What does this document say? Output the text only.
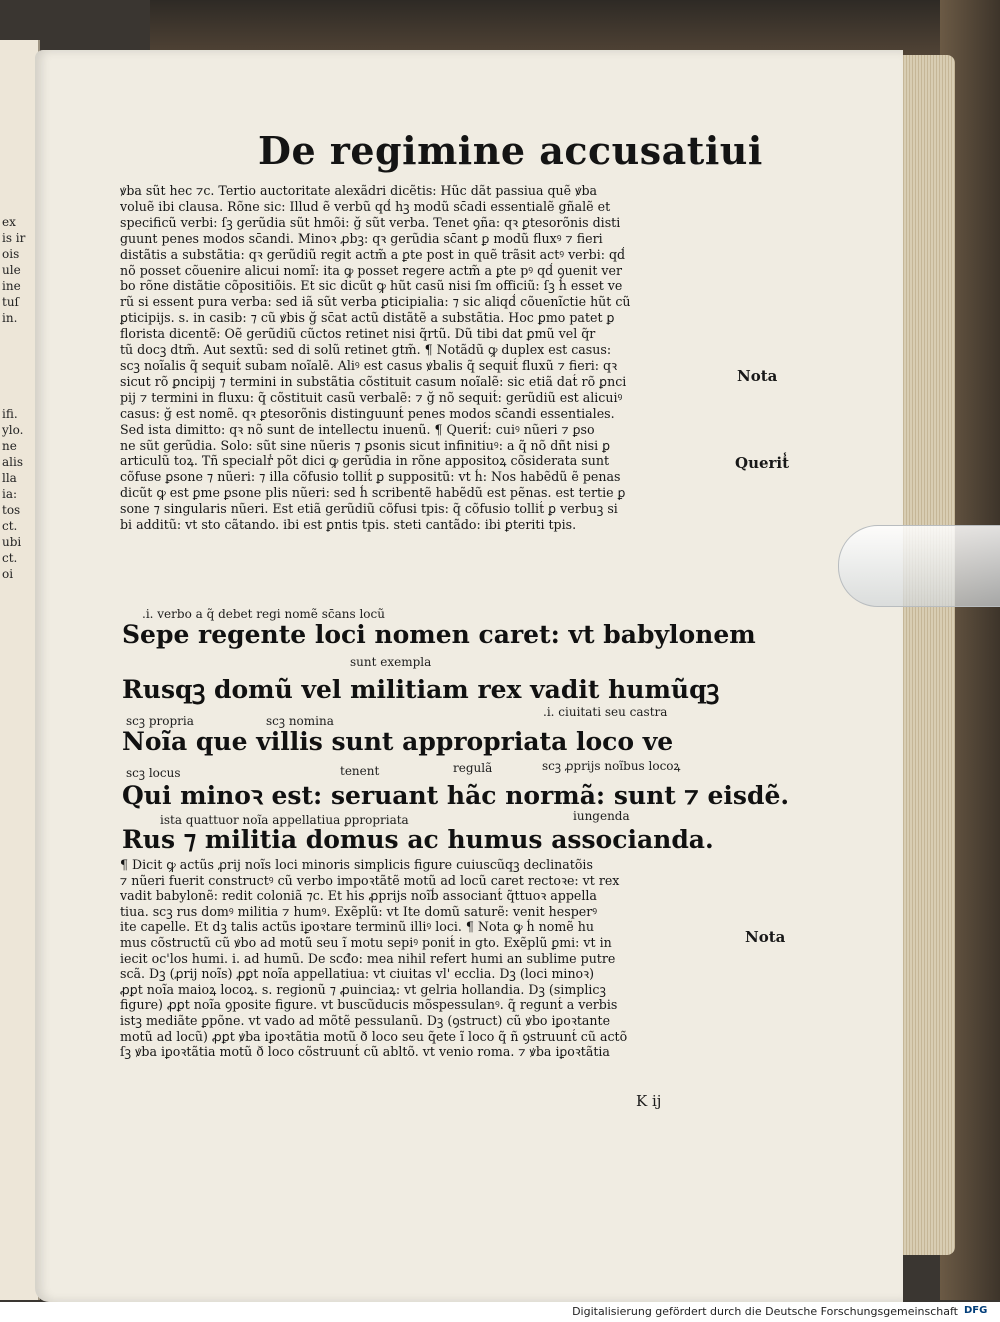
ex
is ir
ois
ule
ine
tuſ
in.
ifi.
ylo.
ne
alis
lla
ia:
tos
ct.
ubi
ct.
oi
De regimine accusatiui
ꝟba sũt hec ⁊c. Tertio auctoritate alexãdri dicẽtis: Hũc dãt passiua quẽ ꝟba
voluẽ ibi clausa. Rõne sic: Illud ẽ verbũ qd̾ hꝫ modũ sc̄adi essentialẽ gñalẽ et
specificũ verbi: ſꝫ gerũdia sũt hmõi: ğ sũt verba. Tenet ꝯña: qꝛ ꝑtesorõnis disti
guunt penes modos sc̄andi. Minoꝛ ꝓbꝫ: qꝛ gerũdia sc̄ant ꝑ modũ fluxꝰ ⁊ fieri
distãtis a substãtia: qꝛ gerũdiũ regit actm̃ a ꝑte post in quẽ trãsit actꝰ verbi: qd̾
nõ posset cõuenire alicui nomĩ: ita ꝙ posset regere actm̃ a ꝑte pꝰ qd̾ ꝯuenit ver
bo rõne distãtie cõpositiõis. Et sic dicũt ꝙ hũt casũ nisi ſm officiũ: ſꝫ h̾ esset ve
rũ si essent pura verba: sed iã sũt verba ꝑticipialia: ⁊ sic aliqd̾ cõuenĩctie hũt cũ
ꝑticipijs. s. in casib: ⁊ cũ ꝟbis ğ sc̄at actũ distãtẽ a substãtia. Hoc ꝑmo patet ꝑ
florista dicentẽ: Oẽ gerũdiũ cũctos retinet nisi q̃rtũ. Dũ tibi dat ꝑmũ vel q̃r
tũ docꝫ dtm̃. Aut sextũ: sed di solũ retinet gtm̃. ¶ Notãdũ ꝙ duplex est casus:
scꝫ noĩalis q̃ sequit̾ subam noĩalẽ. Aliꝰ est casus ꝟbalis q̃ sequit̾ fluxũ ⁊ fieri: qꝛ
sicut rõ ꝑncipij ⁊ termini in substãtia cõstituit casum noĩalẽ: sic etiã dat̾ rõ ꝑnci
pij ⁊ termini in fluxu: q̃ cõstituit casũ verbalẽ: ⁊ ğ nõ sequit̾: gerũdiũ est alicuiꝰ
casus: ğ est nomẽ. qꝛ ꝑtesorõnis distinguunt̾ penes modos sc̄andi essentiales.
Sed ista dimitto: qꝛ nõ sunt de intellectu inuenũ. ¶ Querit̾: cuiꝰ nũeri ⁊ ꝑso
ne sũt gerũdia. Solo: sũt sine nũeris ⁊ ꝑsonis sicut infinitiuꝰ: a q̃ nõ dñt nisi ꝑ
articulũ toꝝ. Tñ specialr̾ põt dici ꝙ gerũdia in rõne appositoꝝ cõsiderata sunt
cõfuse ꝑsone ⁊ nũeri: ⁊ illa cõfusio tollit̾ ꝑ suppositũ: vt h̾: Nos habẽdũ ẽ penas
dicũt ꝙ est ꝑme ꝑsone plis nũeri: sed h̾ scribentẽ habẽdũ est pẽnas. est tertie ꝑ
sone ⁊ singularis nũeri. Est etiã gerũdiũ cõfusi tpis: q̃ cõfusio tollit̾ ꝑ verbuꝫ si
bi additũ: vt sto cãtando. ibi est ꝑntis tpis. steti cantãdo: ibi ꝑteriti tpis.
.i. verbo a q̃ debet regi nomẽ sc̄ans locũ
sunt exempla
scꝫ propria	scꝫ nomina
.i. ciuitati seu castra
scꝫ locus	tenent	regulã	scꝫ ꝓprijs noĩbus locoꝝ
ista quattuor noĩa appellatiua ꝑpropriata	iungenda
Sepe regente loci nomen caret: vt babylonem
Rusqꝫ domũ vel militiam rex vadit humũqꝫ
Noĩa que villis sunt appropriata loco ve
Qui minoꝛ est: seruant hãc normã: sunt ⁊ eisdẽ.
Rus ⁊ militia domus ac humus associanda.
¶ Dicit ꝙ actũs ꝓrij noĩs loci minoris simplicis figure cuiuscũqꝫ declinatõis
⁊ nũeri fuerit constructꝰ cũ verbo impoꝛtãtẽ motũ ad locũ caret rectoꝛe: vt rex
vadit babylonẽ: redit coloniã ⁊c. Et his ꝓprijs noĩb̾ associant̾ q̃ttuoꝛ appella
tiua. scꝫ rus domꝰ militia ⁊ humꝰ. Exẽplũ: vt Ite domũ saturẽ: venit hesperꝰ
ite capelle. Et dꝫ talis actũs iꝑoꝛtare terminũ illiꝰ loci. ¶ Nota ꝙ h̾ nomẽ hu
mus cõstructũ cũ ꝟbo ad motũ seu ĩ motu sepiꝰ ponit̾ in gto. Exẽplũ ꝑmi: vt in
iecit oc'los humi. i. ad humũ. De scđo: mea nihil refert humi an sublime putre
scã. Dꝫ (ꝓrij noĩs) ꝓꝑt noĩa appellatiua: vt ciuitas vl' ecclia. Dꝫ (loci minoꝛ)
ꝓꝑt noĩa maioꝝ locoꝝ. s. regionũ ⁊ ꝓuinciaꝝ: vt gelria hollandia. Dꝫ (simplicꝫ
figure) ꝓꝑt noĩa ꝯposite figure. vt buscũducis mõspessulanꝰ. q̃ regunt̾ a verbis
istꝫ mediãte ꝑpõne. vt vado ad mõtẽ pessulanũ. Dꝫ (ꝯstruct) cũ ꝟbo iꝑoꝛtante
motũ ad locũ) ꝓꝑt ꝟba iꝑoꝛtãtia motũ ð loco seu q̃ete ĩ loco q̃ ñ ꝯstruunt̾ cũ actõ
ſꝫ ꝟba iꝑoꝛtãtia motũ ð loco cõstruunt̾ cũ abltõ. vt venio roma. ⁊ ꝟba iꝑoꝛtãtia
Nota
Querit̾
Nota
K ij
Digitalisierung gefördert durch die Deutsche Forschungsgemeinschaft DFG
